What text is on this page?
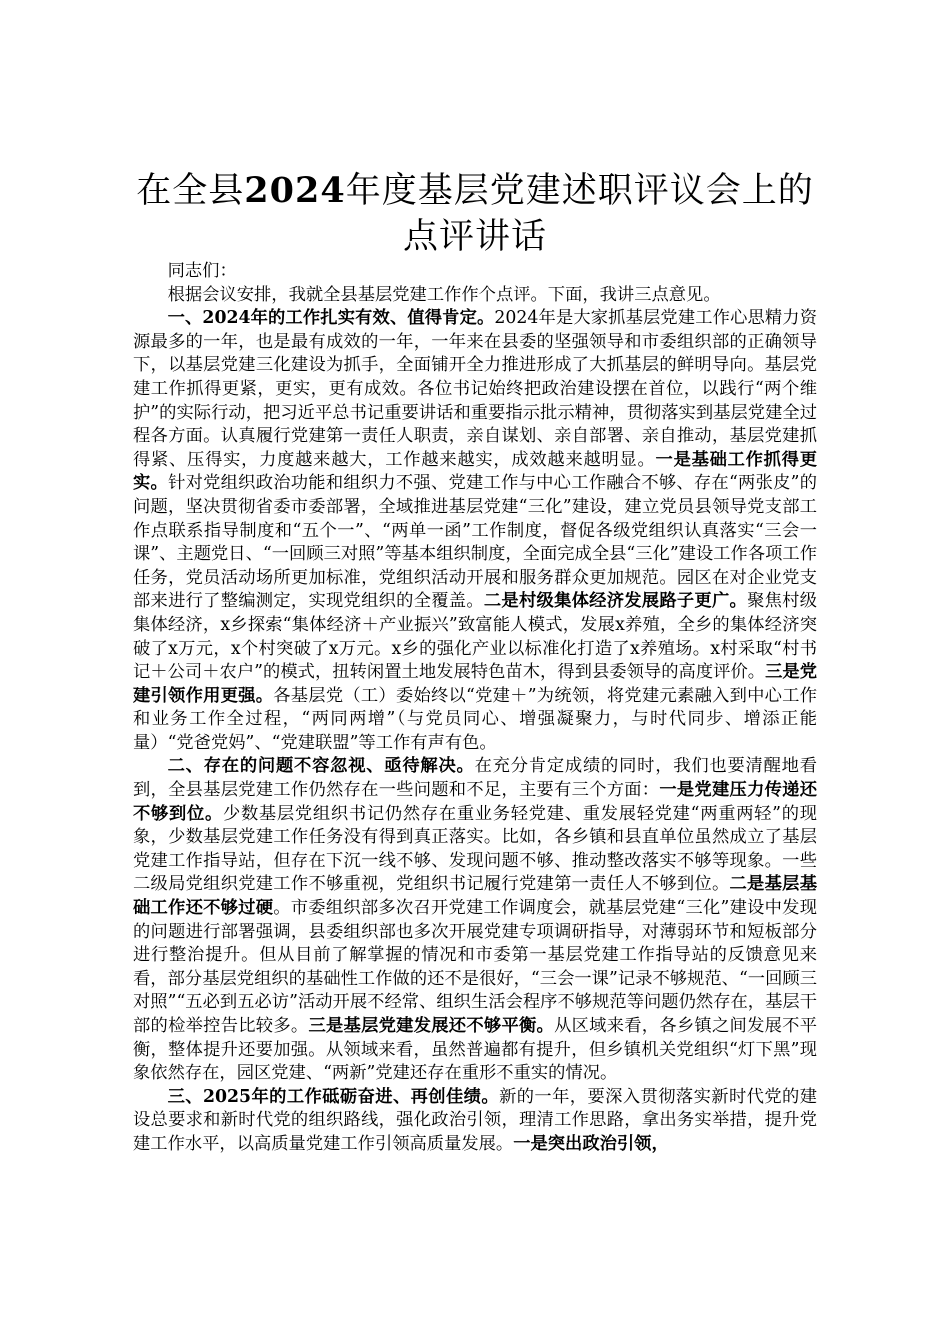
在全县2024年度基层党建述职评议会上的点评讲话

同志们：

根据会议安排，我就全县基层党建工作作个点评。下面，我讲三点意见。

一、2024年的工作扎实有效、值得肯定。2024年是大家抓基层党建工作心思精力资源最多的一年，也是最有成效的一年，一年来在县委的坚强领导和市委组织部的正确领导下，以基层党建三化建设为抓手，全面铺开全力推进形成了大抓基层的鲜明导向。基层党建工作抓得更紧，更实，更有成效。各位书记始终把政治建设摆在首位，以践行“两个维护”的实际行动，把习近平总书记重要讲话和重要指示批示精神，贯彻落实到基层党建全过程各方面。认真履行党建第一责任人职责，亲自谋划、亲自部署、亲自推动，基层党建抓得紧、压得实，力度越来越大，工作越来越实，成效越来越明显。一是基础工作抓得更实。针对党组织政治功能和组织力不强、党建工作与中心工作融合不够、存在“两张皮”的问题，坚决贯彻省委市委部署，全域推进基层党建“三化”建设，建立党员县领导党支部工作点联系指导制度和“五个一”、“两单一函”工作制度，督促各级党组织认真落实“三会一课”、主题党日、“一回顾三对照”等基本组织制度，全面完成全县“三化”建设工作各项工作任务，党员活动场所更加标准，党组织活动开展和服务群众更加规范。园区在对企业党支部来进行了整编测定，实现党组织的全覆盖。二是村级集体经济发展路子更广。聚焦村级集体经济，x乡探索“集体经济＋产业振兴”致富能人模式，发展x养殖，全乡的集体经济突破了x万元，x个村突破了x万元。x乡的强化产业以标准化打造了x养殖场。x村采取“村书记＋公司＋农户”的模式，扭转闲置土地发展特色苗木，得到县委领导的高度评价。三是党建引领作用更强。各基层党（工）委始终以“党建＋”为统领，将党建元素融入到中心工作和业务工作全过程，“两同两增”（与党员同心、增强凝聚力，与时代同步、增添正能量）“党爸党妈”、“党建联盟”等工作有声有色。

二、存在的问题不容忽视、亟待解决。在充分肯定成绩的同时，我们也要清醒地看到，全县基层党建工作仍然存在一些问题和不足，主要有三个方面：一是党建压力传递还不够到位。少数基层党组织书记仍然存在重业务轻党建、重发展轻党建“两重两轻”的现象，少数基层党建工作任务没有得到真正落实。比如，各乡镇和县直单位虽然成立了基层党建工作指导站，但存在下沉一线不够、发现问题不够、推动整改落实不够等现象。一些二级局党组织党建工作不够重视，党组织书记履行党建第一责任人不够到位。二是基层基础工作还不够过硬。市委组织部多次召开党建工作调度会，就基层党建“三化”建设中发现的问题进行部署强调，县委组织部也多次开展党建专项调研指导，对薄弱环节和短板部分进行整治提升。但从目前了解掌握的情况和市委第一基层党建工作指导站的反馈意见来看，部分基层党组织的基础性工作做的还不是很好，“三会一课”记录不够规范、“一回顾三对照”“五必到五必访”活动开展不经常、组织生活会程序不够规范等问题仍然存在，基层干部的检举控告比较多。三是基层党建发展还不够平衡。从区域来看，各乡镇之间发展不平衡，整体提升还要加强。从领域来看，虽然普遍都有提升，但乡镇机关党组织“灯下黑”现象依然存在，园区党建、“两新”党建还存在重形不重实的情况。

三、2025年的工作砥砺奋进、再创佳绩。新的一年，要深入贯彻落实新时代党的建设总要求和新时代党的组织路线，强化政治引领，理清工作思路，拿出务实举措，提升党建工作水平，以高质量党建工作引领高质量发展。一是突出政治引领，
